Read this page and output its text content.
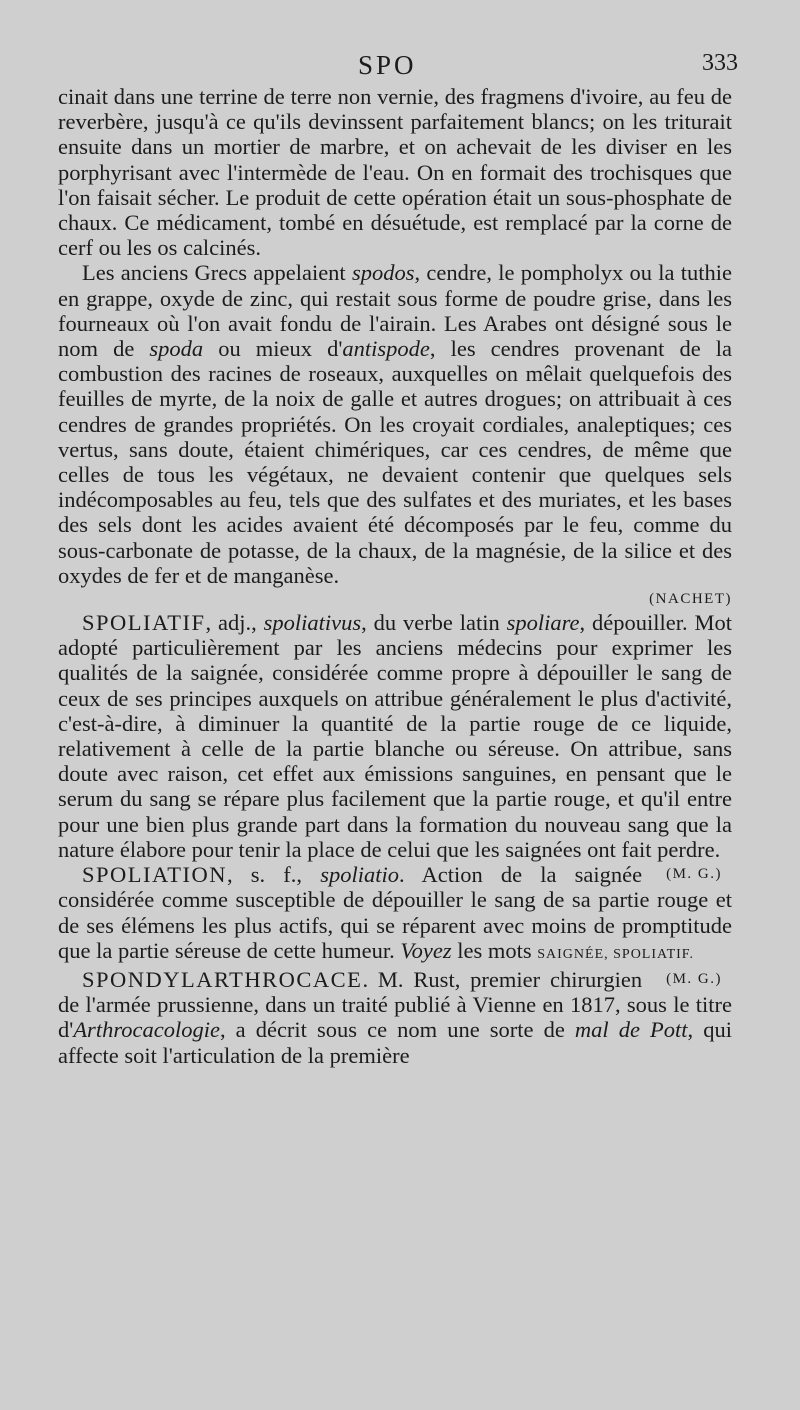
SPO	333

cinait dans une terrine de terre non vernie, des fragmens d'ivoire, au feu de reverbère, jusqu'à ce qu'ils devinssent parfaitement blancs; on les triturait ensuite dans un mortier de marbre, et on achevait de les diviser en les porphyrisant avec l'intermède de l'eau. On en formait des trochisques que l'on faisait sécher. Le produit de cette opération était un sous-phosphate de chaux. Ce médicament, tombé en désuétude, est remplacé par la corne de cerf ou les os calcinés.

Les anciens Grecs appelaient spodos, cendre, le pompholyx ou la tuthie en grappe, oxyde de zinc, qui restait sous forme de poudre grise, dans les fourneaux où l'on avait fondu de l'airain. Les Arabes ont désigné sous le nom de spoda ou mieux d'antispode, les cendres provenant de la combustion des racines de roseaux, auxquelles on mêlait quelquefois des feuilles de myrte, de la noix de galle et autres drogues; on attribuait à ces cendres de grandes propriétés. On les croyait cordiales, analeptiques; ces vertus, sans doute, étaient chimériques, car ces cendres, de même que celles de tous les végétaux, ne devaient contenir que quelques sels indécomposables au feu, tels que des sulfates et des muriates, et les bases des sels dont les acides avaient été décomposés par le feu, comme du sous-carbonate de potasse, de la chaux, de la magnésie, de la silice et des oxydes de fer et de manganèse.

(NACHET)

SPOLIATIF, adj., spoliativus, du verbe latin spoliare, dépouiller. Mot adopté particulièrement par les anciens médecins pour exprimer les qualités de la saignée, considérée comme propre à dépouiller le sang de ceux de ses principes auxquels on attribue généralement le plus d'activité, c'est-à-dire, à diminuer la quantité de la partie rouge de ce liquide, relativement à celle de la partie blanche ou séreuse. On attribue, sans doute avec raison, cet effet aux émissions sanguines, en pensant que le serum du sang se répare plus facilement que la partie rouge, et qu'il entre pour une bien plus grande part dans la formation du nouveau sang que la nature élabore pour tenir la place de celui que les saignées ont fait perdre.
(M. G.)

SPOLIATION, s. f., spoliatio. Action de la saignée considérée comme susceptible de dépouiller le sang de sa partie rouge et de ses élémens les plus actifs, qui se réparent avec moins de promptitude que la partie séreuse de cette humeur. Voyez les mots SAIGNÉE, SPOLIATIF.
(M. G.)

SPONDYLARTHROCACE. M. Rust, premier chirurgien de l'armée prussienne, dans un traité publié à Vienne en 1817, sous le titre d'Arthrocacologie, a décrit sous ce nom une sorte de mal de Pott, qui affecte soit l'articulation de la première
